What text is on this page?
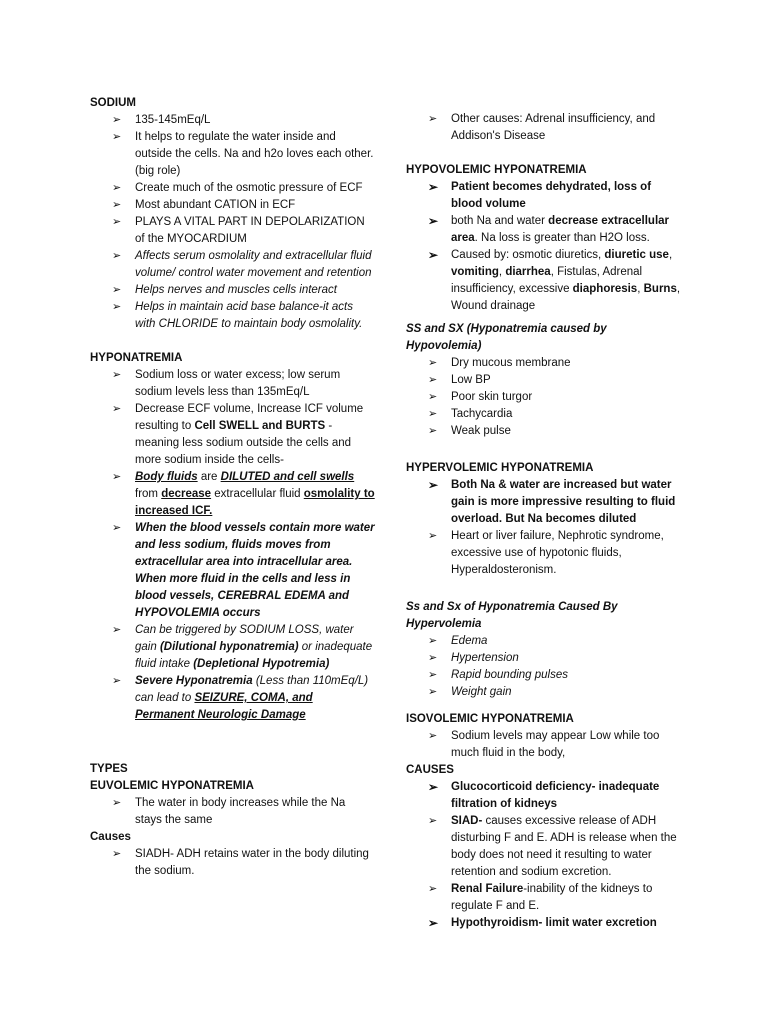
SODIUM

➢ 135-145mEq/L
➢ It helps to regulate the water inside and outside the cells. Na and h2o loves each other. (big role)
➢ Create much of the osmotic pressure of ECF
➢ Most abundant CATION in ECF
➢ PLAYS A VITAL PART IN DEPOLARIZATION of the MYOCARDIUM
➢ Affects serum osmolality and extracellular fluid volume/ control water movement and retention
➢ Helps nerves and muscles cells interact
➢ Helps in maintain acid base balance-it acts with CHLORIDE to maintain body osmolality.

HYPONATREMIA

➢ Sodium loss or water excess; low serum sodium levels less than 135mEq/L
➢ Decrease ECF volume, Increase ICF volume resulting to Cell SWELL and BURTS - meaning less sodium outside the cells and more sodium inside the cells-
➢ Body fluids are DILUTED and cell swells from decrease extracellular fluid osmolality to increased ICF.
➢ When the blood vessels contain more water and less sodium, fluids moves from extracellular area into intracellular area. When more fluid in the cells and less in blood vessels, CEREBRAL EDEMA and HYPOVOLEMIA occurs
➢ Can be triggered by SODIUM LOSS, water gain (Dilutional hyponatremia) or inadequate fluid intake (Depletional Hypotremia)
➢ Severe Hyponatremia (Less than 110mEq/L) can lead to SEIZURE, COMA, and Permanent Neurologic Damage

TYPES

EUVOLEMIC HYPONATREMIA

➢ The water in body increases while the Na stays the same

Causes

➢ SIADH- ADH retains water in the body diluting the sodium.
➢ Other causes: Adrenal insufficiency, and Addison's Disease

HYPOVOLEMIC HYPONATREMIA

➢ Patient becomes dehydrated, loss of blood volume
➢ both Na and water decrease extracellular area. Na loss is greater than H2O loss.
➢ Caused by: osmotic diuretics, diuretic use, vomiting, diarrhea, Fistulas, Adrenal insufficiency, excessive diaphoresis, Burns, Wound drainage

SS and SX (Hyponatremia caused by Hypovolemia)

➢ Dry mucous membrane
➢ Low BP
➢ Poor skin turgor
➢ Tachycardia
➢ Weak pulse

HYPERVOLEMIC HYPONATREMIA

➢ Both Na & water are increased but water gain is more impressive resulting to fluid overload. But Na becomes diluted
➢ Heart or liver failure, Nephrotic syndrome, excessive use of hypotonic fluids, Hyperaldosteronism.

Ss and Sx of Hyponatremia Caused By Hypervolemia

➢ Edema
➢ Hypertension
➢ Rapid bounding pulses
➢ Weight gain

ISOVOLEMIC HYPONATREMIA

➢ Sodium levels may appear Low while too much fluid in the body,

CAUSES

➢ Glucocorticoid deficiency- inadequate filtration of kidneys
➢ SIAD- causes excessive release of ADH disturbing F and E. ADH is release when the body does not need it resulting to water retention and sodium excretion.
➢ Renal Failure-inability of the kidneys to regulate F and E.
➢ Hypothyroidism- limit water excretion
